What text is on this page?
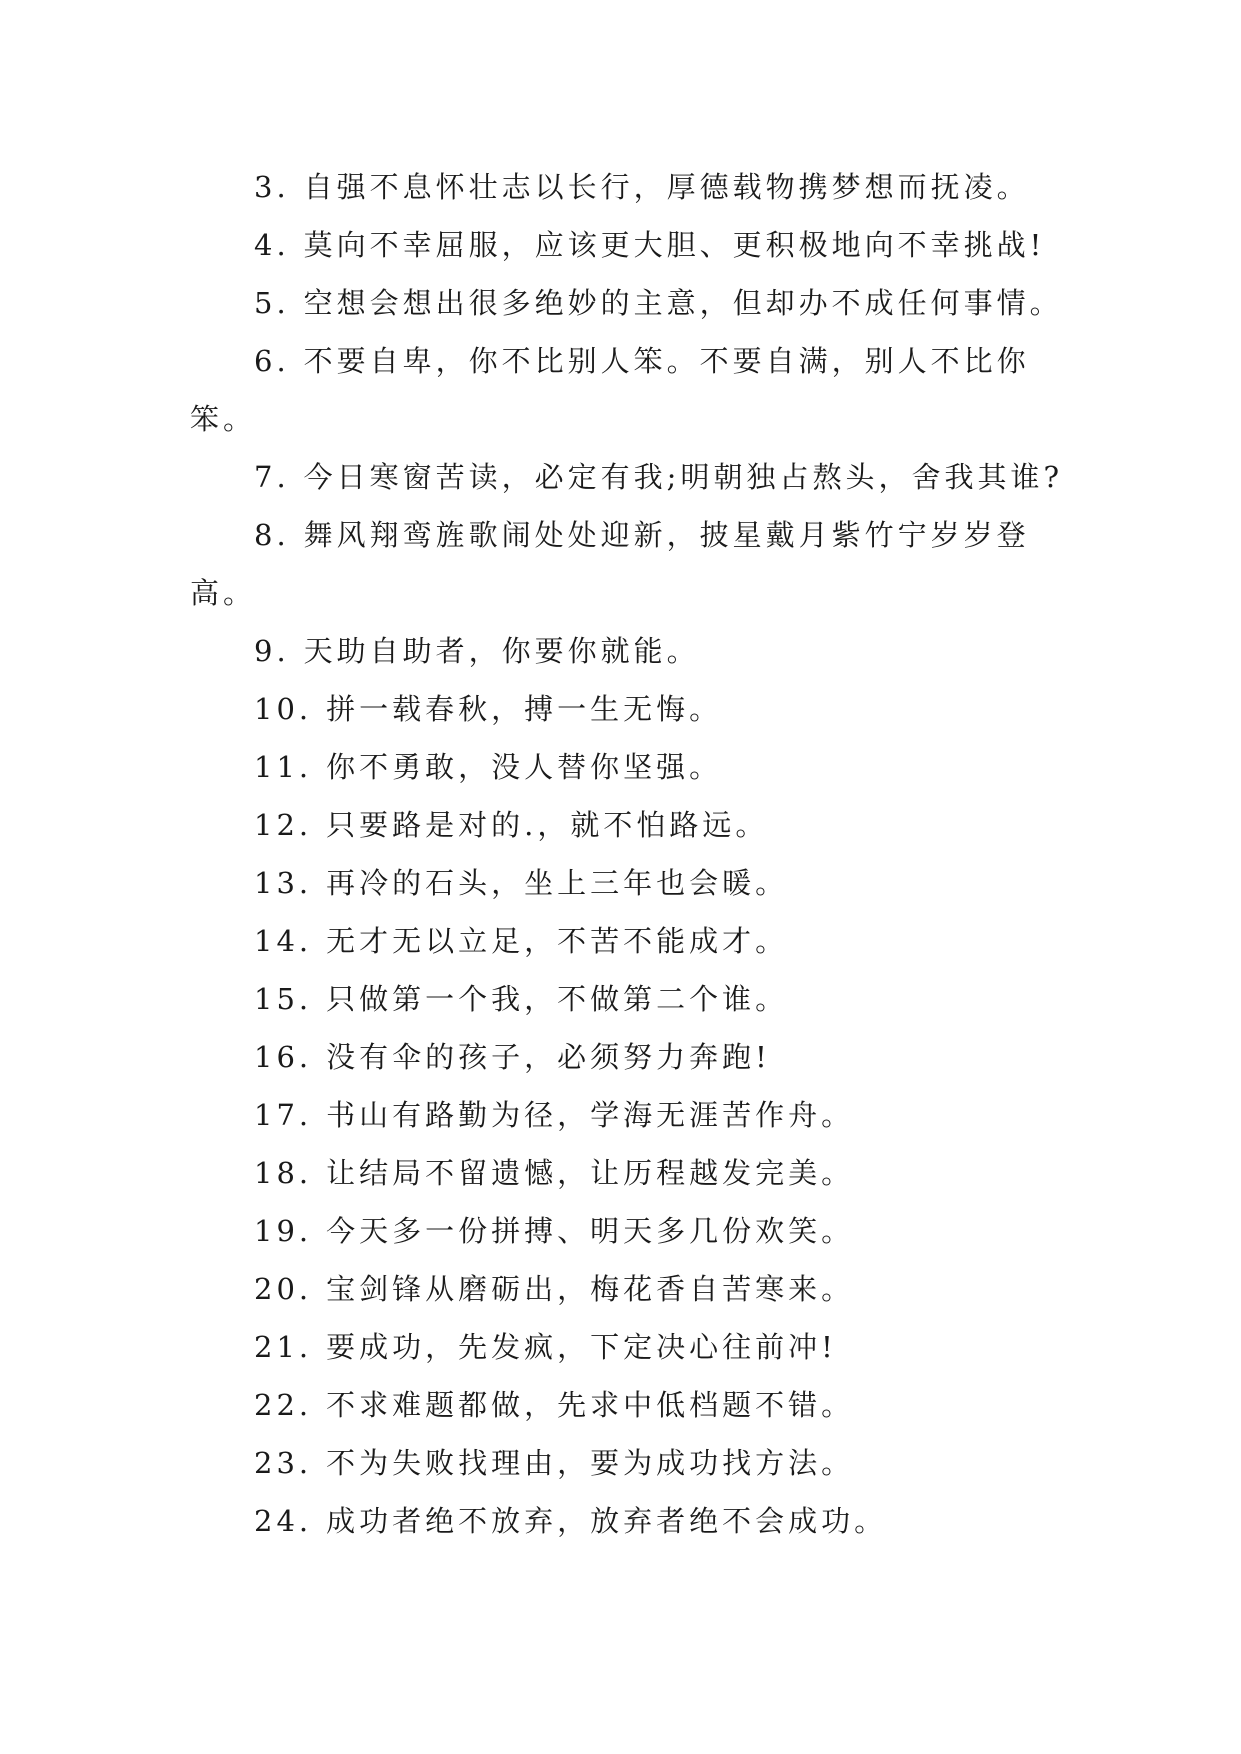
3. 自强不息怀壮志以长行，厚德载物携梦想而抚凌。

4. 莫向不幸屈服，应该更大胆、更积极地向不幸挑战!

5. 空想会想出很多绝妙的主意，但却办不成任何事情。

6. 不要自卑，你不比别人笨。不要自满，别人不比你笨。

7. 今日寒窗苦读，必定有我;明朝独占熬头，舍我其谁?

8. 舞风翔鸾旌歌闹处处迎新，披星戴月紫竹宁岁岁登高。

9. 天助自助者，你要你就能。

10. 拼一载春秋，搏一生无悔。

11. 你不勇敢，没人替你坚强。

12. 只要路是对的.，就不怕路远。

13. 再冷的石头，坐上三年也会暖。

14. 无才无以立足，不苦不能成才。

15. 只做第一个我，不做第二个谁。

16. 没有伞的孩子，必须努力奔跑!

17. 书山有路勤为径，学海无涯苦作舟。

18. 让结局不留遗憾，让历程越发完美。

19. 今天多一份拼搏、明天多几份欢笑。

20. 宝剑锋从磨砺出，梅花香自苦寒来。

21. 要成功，先发疯，下定决心往前冲!

22. 不求难题都做，先求中低档题不错。

23. 不为失败找理由，要为成功找方法。

24. 成功者绝不放弃，放弃者绝不会成功。
